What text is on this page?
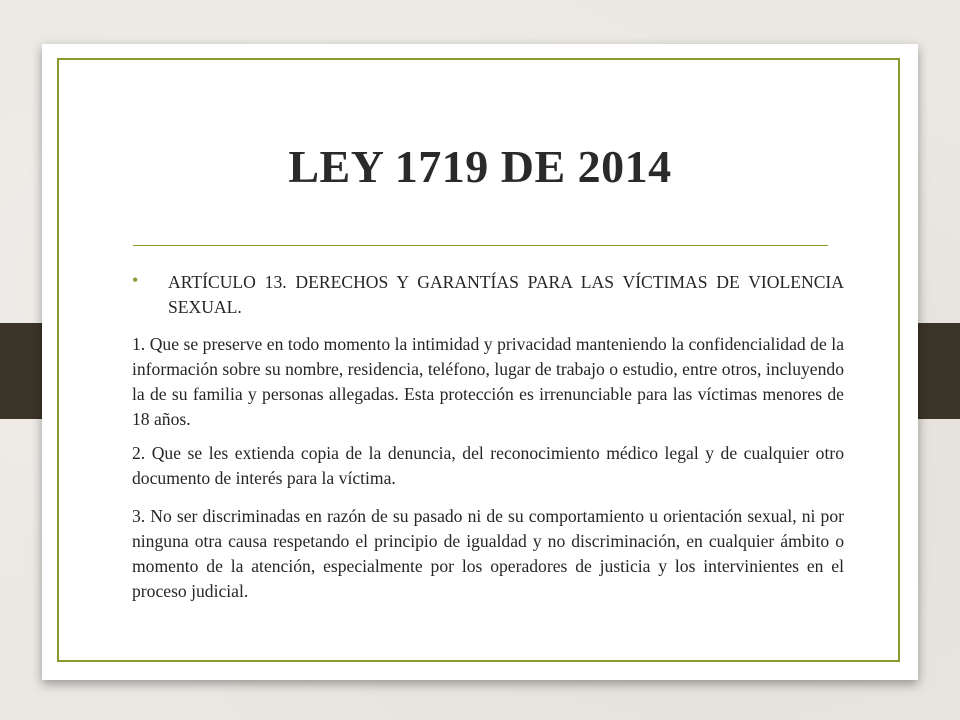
LEY 1719 DE 2014
• ARTÍCULO 13. DERECHOS Y GARANTÍAS PARA LAS VÍCTIMAS DE VIOLENCIA SEXUAL.

1. Que se preserve en todo momento la intimidad y privacidad manteniendo la confidencialidad de la información sobre su nombre, residencia, teléfono, lugar de trabajo o estudio, entre otros, incluyendo la de su familia y personas allegadas. Esta protección es irrenunciable para las víctimas menores de 18 años.

2. Que se les extienda copia de la denuncia, del reconocimiento médico legal y de cualquier otro documento de interés para la víctima.

3. No ser discriminadas en razón de su pasado ni de su comportamiento u orientación sexual, ni por ninguna otra causa respetando el principio de igualdad y no discriminación, en cualquier ámbito o momento de la atención, especialmente por los operadores de justicia y los intervinientes en el proceso judicial.
